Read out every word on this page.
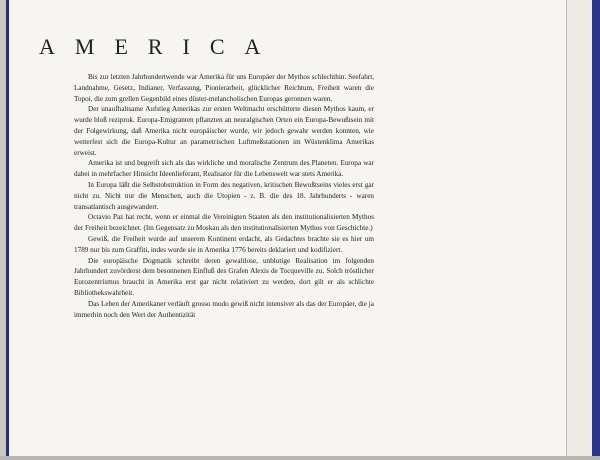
AMERICA

Bis zur letzten Jahrhundertwende war Amerika für uns Europäer der Mythos schlechthin. Seefahrt, Landnahme, Gesetz, Indianer, Verfassung, Pionierarbeit, glücklicher Reichtum, Freiheit waren die Topoi, die zum grellen Gegenbild eines düster-melancholischen Europas geronnen waren.

Der unaufhaltsame Aufstieg Amerikas zur ersten Weltmacht erschütterte diesen Mythos kaum, er wurde bloß reziprok. Europa-Emigranten pflanzten an neuralgischen Orten ein Europa-Bewußtsein mit der Folgewirkung, daß Amerika nicht europäischer wurde, wir jedoch gewahr werden konnten, wie wetterfest sich die Europa-Kultur an parametrischen Luftmeßstationen im Wüstenklima Amerikas erweist.

Amerika ist und begreift sich als das wirkliche und moralische Zentrum des Planeten. Europa war dabei in mehrfacher Hinsicht Ideenlieferant, Realisator für die Lebenswelt war stets Amerika.

In Europa läßt die Selbstobstruktion in Form des negativen, kritischen Bewußtseins vieles erst gar nicht zu. Nicht nur die Menschen, auch die Utopien - z. B. die des 18. Jahrhunderts - waren transatlantisch ausgewandert.

Octavio Paz hat recht, wenn er einmal die Vereinigten Staaten als den institutionalisierten Mythos der Freiheit bezeichnet. (Im Gegensatz zu Moskau als den institutionalisierten Mythos von Geschichte.)

Gewiß, die Freiheit wurde auf unserem Kontinent erdacht, als Gedachtes brachte sie es hier um 1789 nur bis zum Graffiti, indes wurde sie in Amerika 1776 bereits deklariert und kodifiziert.

Die europäische Dogmatik schreibt deren gewaltlose, unblutige Realisation im folgenden Jahrhundert zuvörderst dem besonnenen Einfluß des Grafen Alexis de Tocqueville zu. Solch tröstlicher Eurozentrismus braucht in Amerika erst gar nicht relativiert zu werden, dort gilt er als schlichte Bibliothekswahrheit.

Das Leben der Amerikaner verläuft grosso modo gewiß nicht intensiver als das der Europäer, die ja immerhin noch den Wert der Authentizität
